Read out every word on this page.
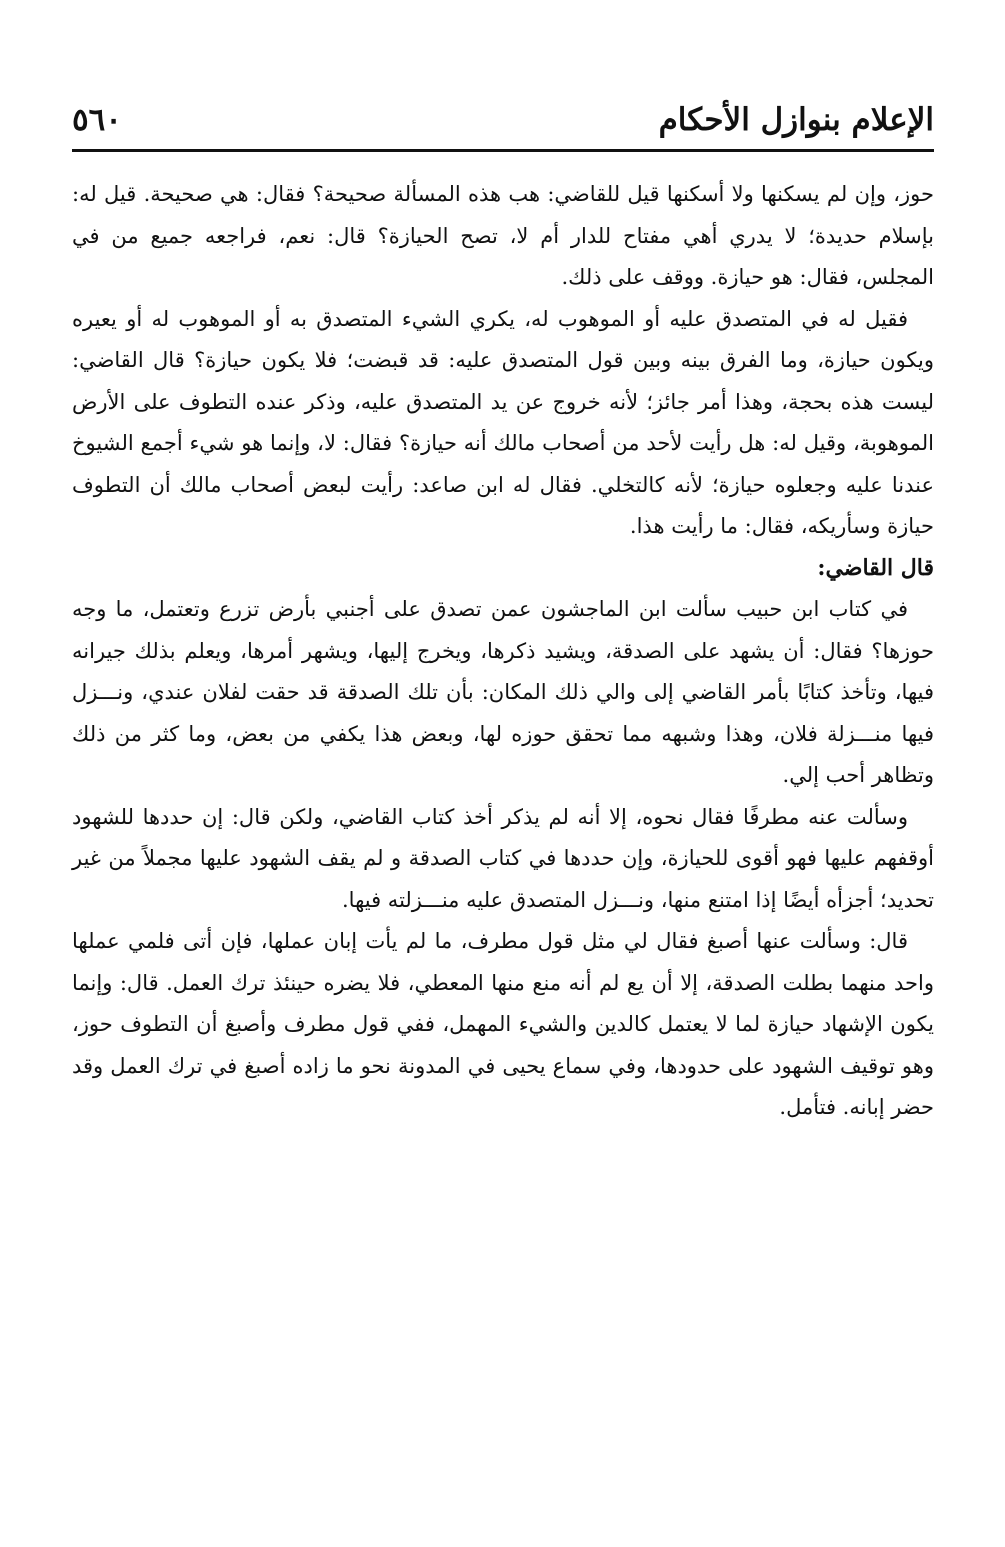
الإعلام بنوازل الأحكام
٥٦٠

حوز، وإن لم يسكنها ولا أسكنها قيل للقاضي: هب هذه المسألة صحيحة؟ فقال: هي صحيحة. قيل له: بإسلام حديدة؛ لا يدري أهي مفتاح للدار أم لا، تصح الحيازة؟ قال: نعم، فراجعه جميع من في المجلس، فقال: هو حيازة. ووقف على ذلك.

فقيل له في المتصدق عليه أو الموهوب له، يكري الشيء المتصدق به أو الموهوب له أو يعيره ويكون حيازة، وما الفرق بينه وبين قول المتصدق عليه: قد قبضت؛ فلا يكون حيازة؟ قال القاضي: ليست هذه بحجة، وهذا أمر جائز؛ لأنه خروج عن يد المتصدق عليه، وذكر عنده التطوف على الأرض الموهوبة، وقيل له: هل رأيت لأحد من أصحاب مالك أنه حيازة؟ فقال: لا، وإنما هو شيء أجمع الشيوخ عندنا عليه وجعلوه حيازة؛ لأنه كالتخلي. فقال له ابن صاعد: رأيت لبعض أصحاب مالك أن التطوف حيازة وسأريكه، فقال: ما رأيت هذا.

قال القاضي:

في كتاب ابن حبيب سألت ابن الماجشون عمن تصدق على أجنبي بأرض تزرع وتعتمل، ما وجه حوزها؟ فقال: أن يشهد على الصدقة، ويشيد ذكرها، ويخرج إليها، ويشهر أمرها، ويعلم بذلك جيرانه فيها، وتأخذ كتابًا بأمر القاضي إلى والي ذلك المكان: بأن تلك الصدقة قد حقت لفلان عندي، ونـــزل فيها منـــزلة فلان، وهذا وشبهه مما تحقق حوزه لها، وبعض هذا يكفي من بعض، وما كثر من ذلك وتظاهر أحب إلي.

وسألت عنه مطرفًا فقال نحوه، إلا أنه لم يذكر أخذ كتاب القاضي، ولكن قال: إن حددها للشهود أوقفهم عليها فهو أقوى للحيازة، وإن حددها في كتاب الصدقة و لم يقف الشهود عليها مجملاً من غير تحديد؛ أجزأه أيضًا إذا امتنع منها، ونـــزل المتصدق عليه منـــزلته فيها.

قال: وسألت عنها أصبغ فقال لي مثل قول مطرف، ما لم يأت إبان عملها، فإن أتى فلمي عملها واحد منهما بطلت الصدقة، إلا أن يع لم أنه منع منها المعطي، فلا يضره حينئذ ترك العمل. قال: وإنما يكون الإشهاد حيازة لما لا يعتمل كالدين والشيء المهمل، ففي قول مطرف وأصبغ أن التطوف حوز، وهو توقيف الشهود على حدودها، وفي سماع يحيى في المدونة نحو ما زاده أصبغ في ترك العمل وقد حضر إبانه. فتأمل.
